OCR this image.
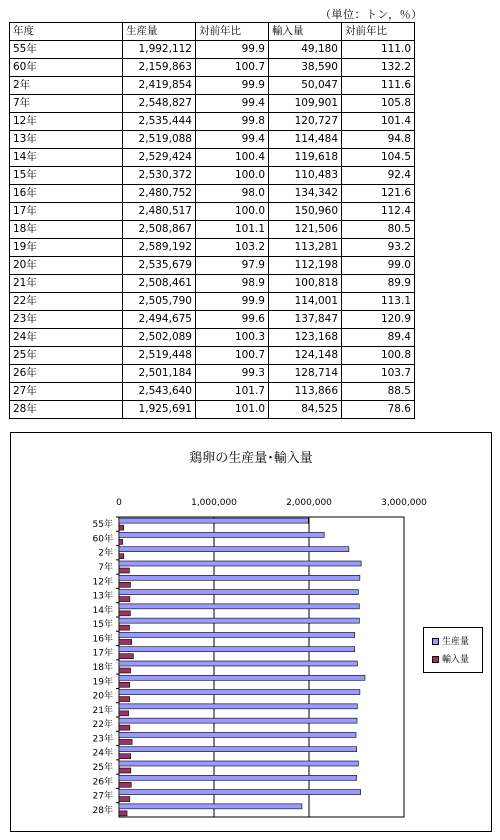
（単位：トン，％）
年度	生産量	対前年比	輸入量	対前年比
55年	1,992,112	99.9	49,180	111.0
60年	2,159,863	100.7	38,590	132.2
2年	2,419,854	99.9	50,047	111.6
7年	2,548,827	99.4	109,901	105.8
12年	2,535,444	99.8	120,727	101.4
13年	2,519,088	99.4	114,484	94.8
14年	2,529,424	100.4	119,618	104.5
15年	2,530,372	100.0	110,483	92.4
16年	2,480,752	98.0	134,342	121.6
17年	2,480,517	100.0	150,960	112.4
18年	2,508,867	101.1	121,506	80.5
19年	2,589,192	103.2	113,281	93.2
20年	2,535,679	97.9	112,198	99.0
21年	2,508,461	98.9	100,818	89.9
22年	2,505,790	99.9	114,001	113.1
23年	2,494,675	99.6	137,847	120.9
24年	2,502,089	100.3	123,168	89.4
25年	2,519,448	100.7	124,148	100.8
26年	2,501,184	99.3	128,714	103.7
27年	2,543,640	101.7	113,866	88.5
28年	1,925,691	101.0	84,525	78.6
鶏卵の生産量･輸入量
0	1,000,000	2,000,000	3,000,000
55年
60年
2年
7年
12年
13年
14年
15年
16年
17年
18年
19年
20年
21年
22年
23年
24年
25年
26年
27年
28年
生産量
輸入量
